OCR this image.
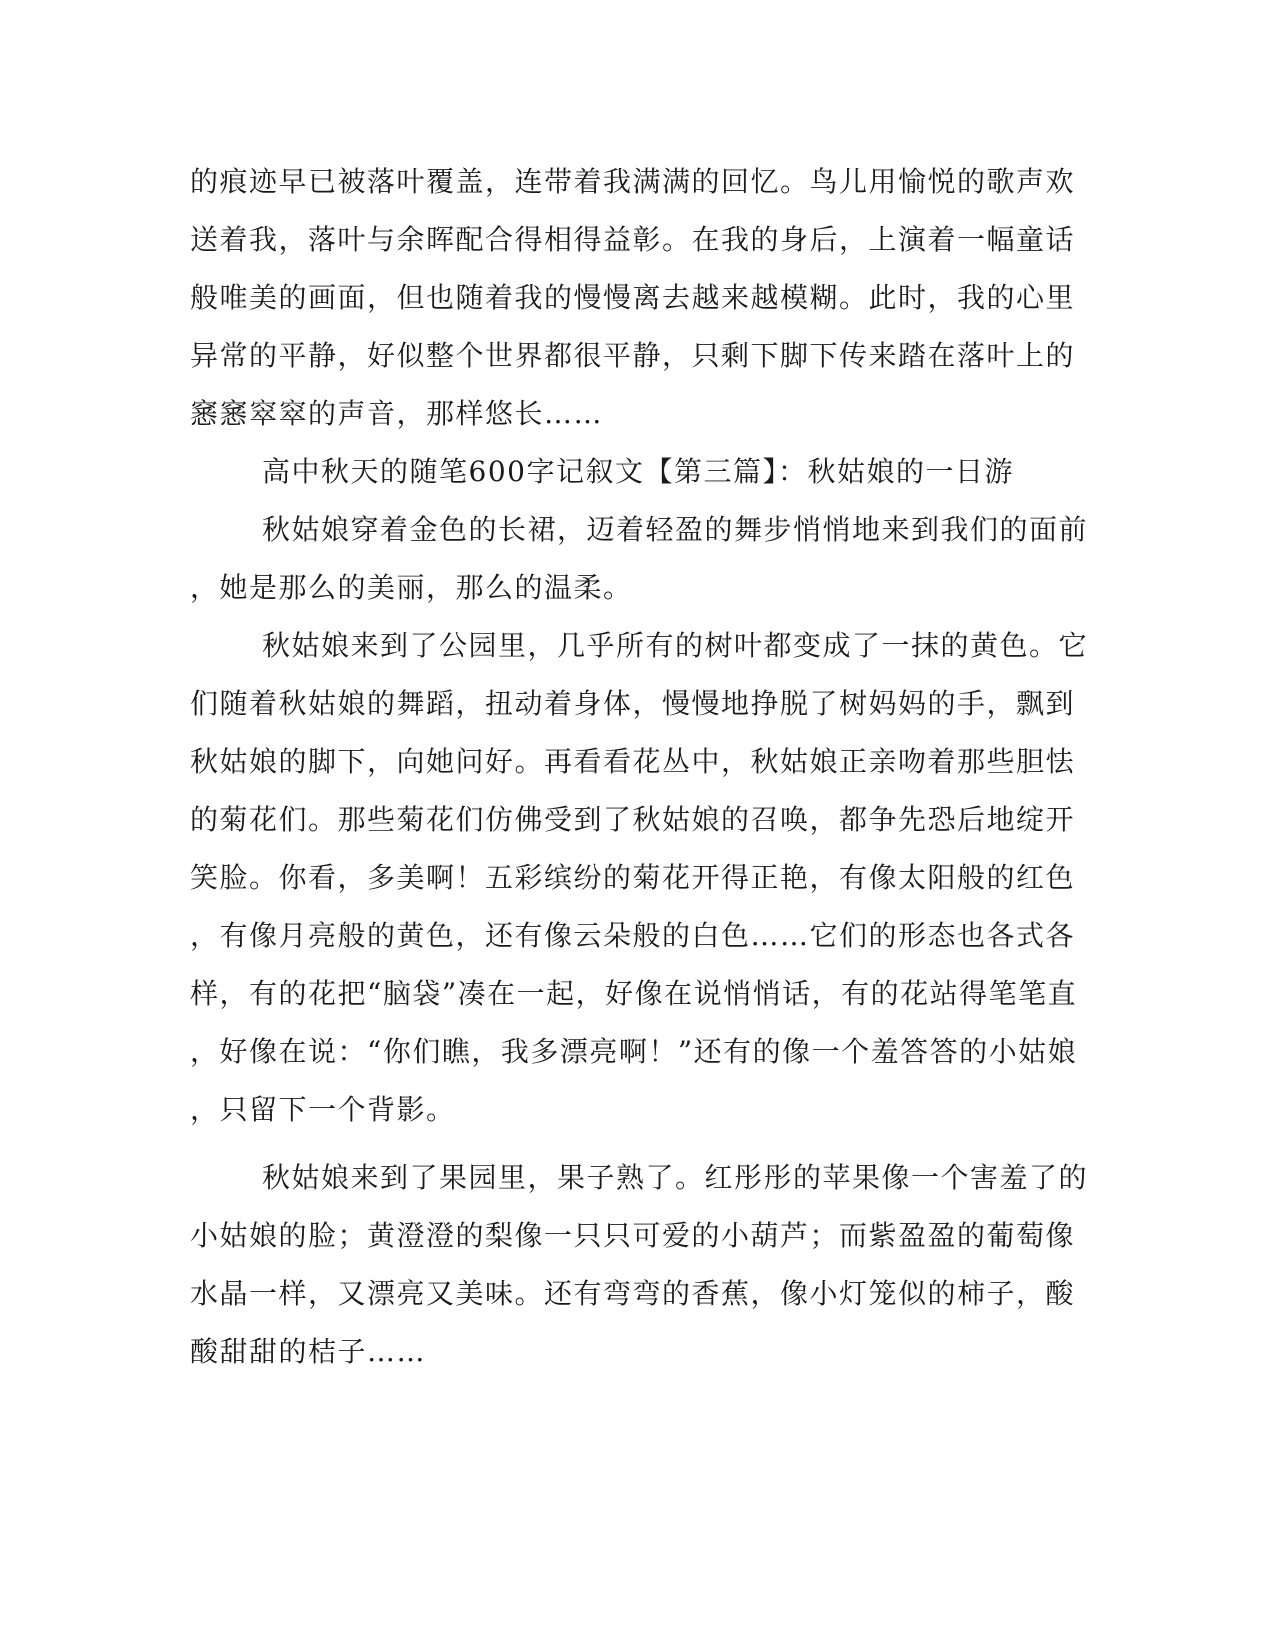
的痕迹早已被落叶覆盖，连带着我满满的回忆。鸟儿用愉悦的歌声欢
送着我，落叶与余晖配合得相得益彰。在我的身后，上演着一幅童话
般唯美的画面，但也随着我的慢慢离去越来越模糊。此时，我的心里
异常的平静，好似整个世界都很平静，只剩下脚下传来踏在落叶上的
窸窸窣窣的声音，那样悠长……
高中秋天的随笔600字记叙文【第三篇】：秋姑娘的一日游
秋姑娘穿着金色的长裙，迈着轻盈的舞步悄悄地来到我们的面前
，她是那么的美丽，那么的温柔。
秋姑娘来到了公园里，几乎所有的树叶都变成了一抹的黄色。它
们随着秋姑娘的舞蹈，扭动着身体，慢慢地挣脱了树妈妈的手，飘到
秋姑娘的脚下，向她问好。再看看花丛中，秋姑娘正亲吻着那些胆怯
的菊花们。那些菊花们仿佛受到了秋姑娘的召唤，都争先恐后地绽开
笑脸。你看，多美啊！五彩缤纷的菊花开得正艳，有像太阳般的红色
，有像月亮般的黄色，还有像云朵般的白色……它们的形态也各式各
样，有的花把“脑袋”凑在一起，好像在说悄悄话，有的花站得笔笔直
，好像在说：“你们瞧，我多漂亮啊！”还有的像一个羞答答的小姑娘
，只留下一个背影。
秋姑娘来到了果园里，果子熟了。红彤彤的苹果像一个害羞了的
小姑娘的脸；黄澄澄的梨像一只只可爱的小葫芦；而紫盈盈的葡萄像
水晶一样，又漂亮又美味。还有弯弯的香蕉，像小灯笼似的柿子，酸
酸甜甜的桔子……
